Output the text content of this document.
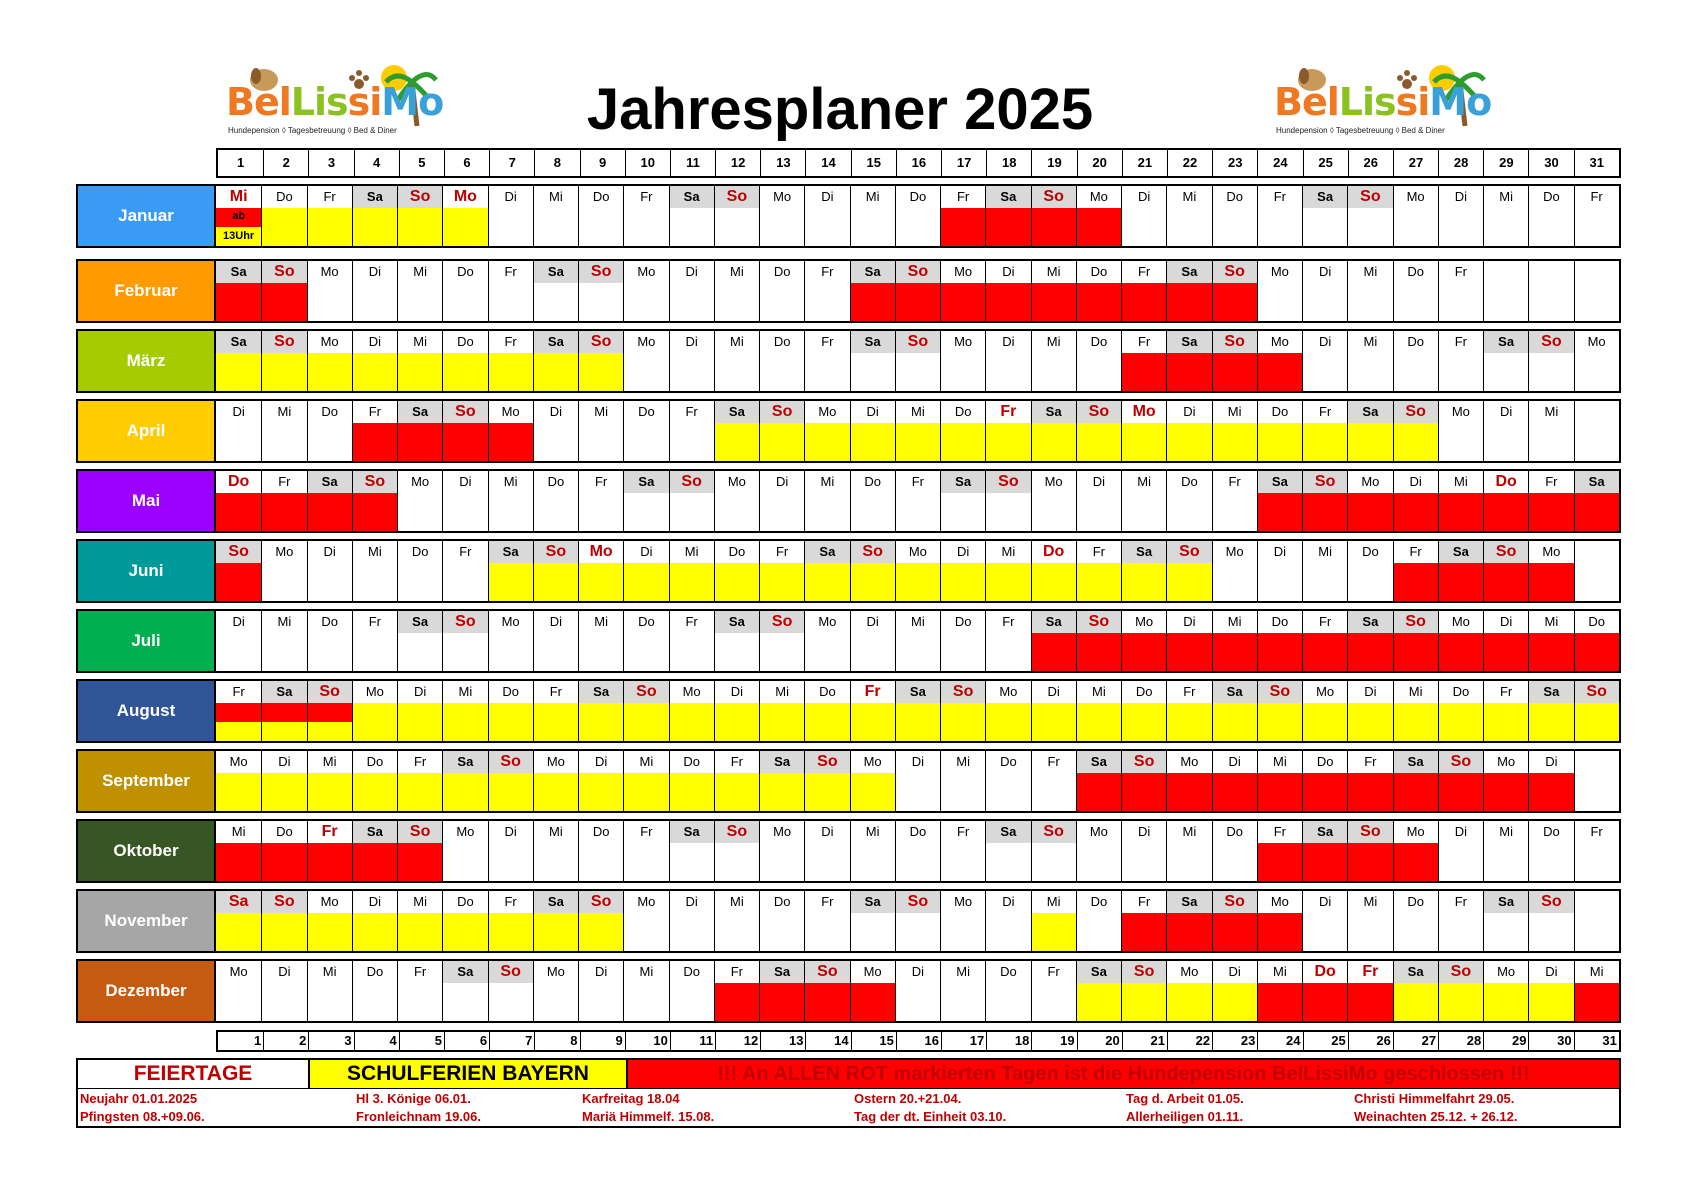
BelLissiMo
Hundepension ◊ Tagesbetreuung ◊ Bed & Diner
BelLissiMo
Hundepension ◊ Tagesbetreuung ◊ Bed & Diner
Jahresplaner 2025
1	2	3	4	5	6	7	8	9	10	11	12	13	14	15	16	17	18	19	20	21	22	23	24	25	26	27	28	29	30	31
Januar
Mi
ab
13Uhr
Do	Fr	Sa	So	Mo	Di	Mi	Do	Fr	Sa	So	Mo	Di	Mi	Do	Fr	Sa	So	Mo	Di	Mi	Do	Fr	Sa	So	Mo	Di	Mi	Do	Fr
Februar
Sa	So	Mo	Di	Mi	Do	Fr	Sa	So	Mo	Di	Mi	Do	Fr	Sa	So	Mo	Di	Mi	Do	Fr	Sa	So	Mo	Di	Mi	Do	Fr
März
Sa	So	Mo	Di	Mi	Do	Fr	Sa	So	Mo	Di	Mi	Do	Fr	Sa	So	Mo	Di	Mi	Do	Fr	Sa	So	Mo	Di	Mi	Do	Fr	Sa	So	Mo
April
Di	Mi	Do	Fr	Sa	So	Mo	Di	Mi	Do	Fr	Sa	So	Mo	Di	Mi	Do	Fr	Sa	So	Mo	Di	Mi	Do	Fr	Sa	So	Mo	Di	Mi
Mai
Do	Fr	Sa	So	Mo	Di	Mi	Do	Fr	Sa	So	Mo	Di	Mi	Do	Fr	Sa	So	Mo	Di	Mi	Do	Fr	Sa	So	Mo	Di	Mi	Do	Fr	Sa
Juni
So	Mo	Di	Mi	Do	Fr	Sa	So	Mo	Di	Mi	Do	Fr	Sa	So	Mo	Di	Mi	Do	Fr	Sa	So	Mo	Di	Mi	Do	Fr	Sa	So	Mo
Juli
Di	Mi	Do	Fr	Sa	So	Mo	Di	Mi	Do	Fr	Sa	So	Mo	Di	Mi	Do	Fr	Sa	So	Mo	Di	Mi	Do	Fr	Sa	So	Mo	Di	Mi	Do
August
Fr	Sa	So	Mo	Di	Mi	Do	Fr	Sa	So	Mo	Di	Mi	Do	Fr	Sa	So	Mo	Di	Mi	Do	Fr	Sa	So	Mo	Di	Mi	Do	Fr	Sa	So
September
Mo	Di	Mi	Do	Fr	Sa	So	Mo	Di	Mi	Do	Fr	Sa	So	Mo	Di	Mi	Do	Fr	Sa	So	Mo	Di	Mi	Do	Fr	Sa	So	Mo	Di
Oktober
Mi	Do	Fr	Sa	So	Mo	Di	Mi	Do	Fr	Sa	So	Mo	Di	Mi	Do	Fr	Sa	So	Mo	Di	Mi	Do	Fr	Sa	So	Mo	Di	Mi	Do	Fr
November
Sa	So	Mo	Di	Mi	Do	Fr	Sa	So	Mo	Di	Mi	Do	Fr	Sa	So	Mo	Di	Mi	Do	Fr	Sa	So	Mo	Di	Mi	Do	Fr	Sa	So
Dezember
Mo	Di	Mi	Do	Fr	Sa	So	Mo	Di	Mi	Do	Fr	Sa	So	Mo	Di	Mi	Do	Fr	Sa	So	Mo	Di	Mi	Do	Fr	Sa	So	Mo	Di	Mi
1	2	3	4	5	6	7	8	9	10	11	12	13	14	15	16	17	18	19	20	21	22	23	24	25	26	27	28	29	30	31
FEIERTAGE	SCHULFERIEN BAYERN	!!! An ALLEN ROT markierten Tagen ist die Hundepension BelLissiMo geschlossen !!!
Neujahr 01.01.2025	Hl 3. Könige 06.01.	Karfreitag 18.04	Ostern 20.+21.04.	Tag d. Arbeit 01.05.	Christi Himmelfahrt 29.05.
Pfingsten 08.+09.06.	Fronleichnam 19.06.	Mariä Himmelf. 15.08.	Tag der dt. Einheit 03.10.	Allerheiligen 01.11.	Weinachten 25.12. + 26.12.
